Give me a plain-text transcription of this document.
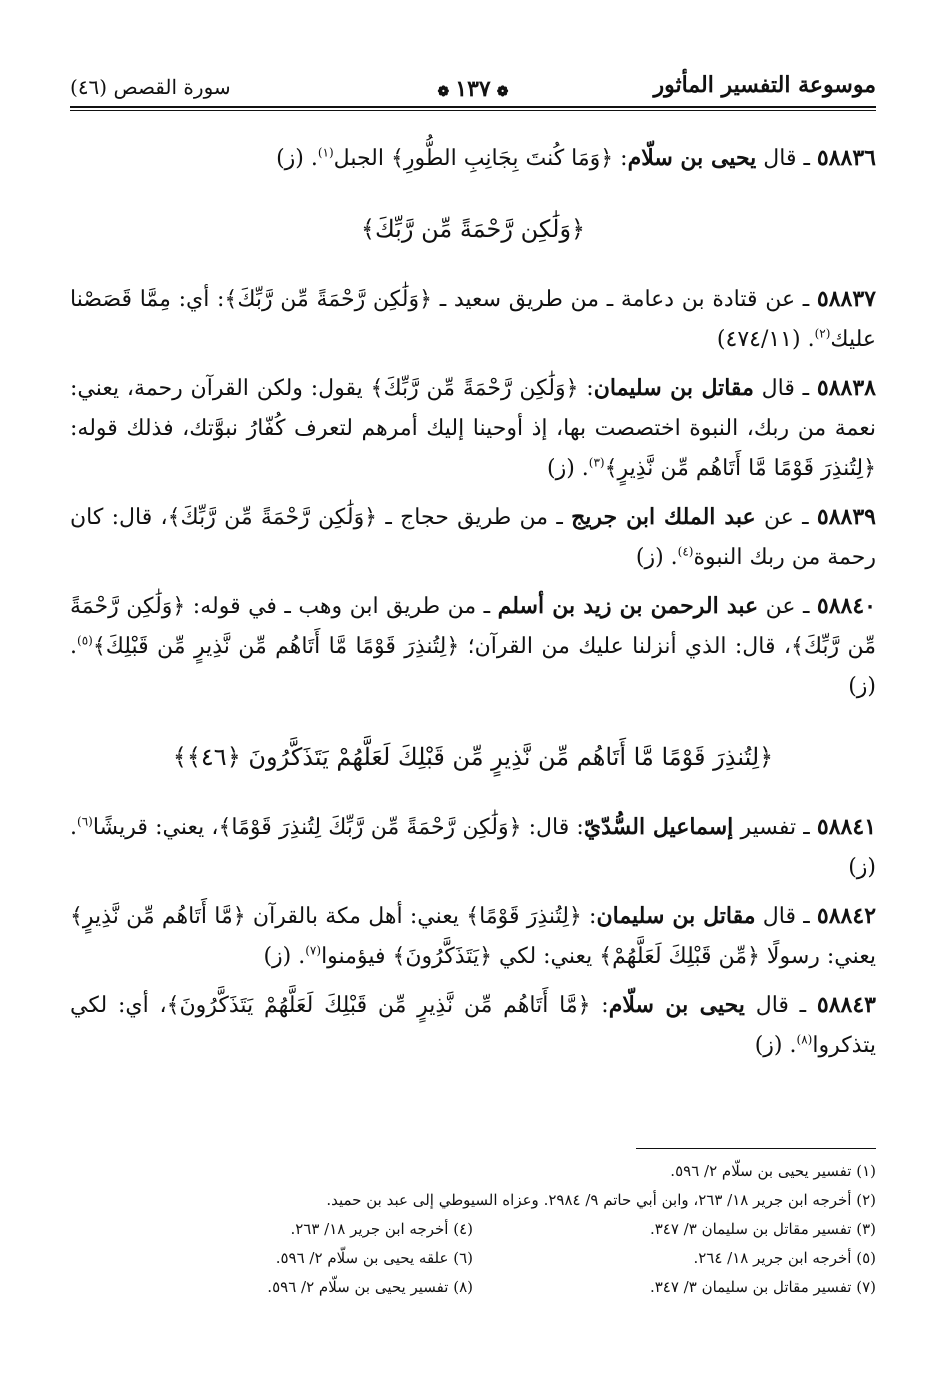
موسوعة التفسير المأثور
❁١٣٧❁
سورة القصص (٤٦)

٥٨٨٣٦ ـ قال يحيى بن سلّام: ﴿وَمَا كُنتَ بِجَانِبِ الطُّورِ﴾ الجبل$^{(١)}$. (ز)

﴿وَلَٰكِن رَّحْمَةً مِّن رَّبِّكَ﴾

٥٨٨٣٧ ـ عن قتادة بن دعامة ـ من طريق سعيد ـ ﴿وَلَٰكِن رَّحْمَةً مِّن رَّبِّكَ﴾: أي: مِمَّا قَصَصْنا عليك$^{(٢)}$. (٤٧٤/١١)

٥٨٨٣٨ ـ قال مقاتل بن سليمان: ﴿وَلَٰكِن رَّحْمَةً مِّن رَّبِّكَ﴾ يقول: ولكن القرآن رحمة، يعني: نعمة من ربك، النبوة اختصصت بها، إذ أوحينا إليك أمرهم لتعرف كُفّارُ نبوَّتك، فذلك قوله: ﴿لِتُنذِرَ قَوْمًا مَّا أَتَاهُم مِّن نَّذِيرٍ﴾$^{(٣)}$. (ز)

٥٨٨٣٩ ـ عن عبد الملك ابن جريج ـ من طريق حجاج ـ ﴿وَلَٰكِن رَّحْمَةً مِّن رَّبِّكَ﴾، قال: كان رحمة من ربك النبوة$^{(٤)}$. (ز)

٥٨٨٤٠ ـ عن عبد الرحمن بن زيد بن أسلم ـ من طريق ابن وهب ـ في قوله: ﴿وَلَٰكِن رَّحْمَةً مِّن رَّبِّكَ﴾، قال: الذي أنزلنا عليك من القرآن؛ ﴿لِتُنذِرَ قَوْمًا مَّا أَتَاهُم مِّن نَّذِيرٍ مِّن قَبْلِكَ﴾$^{(٥)}$. (ز)

﴿لِتُنذِرَ قَوْمًا مَّا أَتَاهُم مِّن نَّذِيرٍ مِّن قَبْلِكَ لَعَلَّهُمْ يَتَذَكَّرُونَ ﴿٤٦﴾﴾

٥٨٨٤١ ـ تفسير إسماعيل السُّدّيّ: قال: ﴿وَلَٰكِن رَّحْمَةً مِّن رَّبِّكَ لِتُنذِرَ قَوْمًا﴾، يعني: قريشًا$^{(٦)}$. (ز)

٥٨٨٤٢ ـ قال مقاتل بن سليمان: ﴿لِتُنذِرَ قَوْمًا﴾ يعني: أهل مكة بالقرآن ﴿مَّا أَتَاهُم مِّن نَّذِيرٍ﴾ يعني: رسولًا ﴿مِّن قَبْلِكَ لَعَلَّهُمْ﴾ يعني: لكي ﴿يَتَذَكَّرُونَ﴾ فيؤمنوا$^{(٧)}$. (ز)

٥٨٨٤٣ ـ قال يحيى بن سلّام: ﴿مَّا أَتَاهُم مِّن نَّذِيرٍ مِّن قَبْلِكَ لَعَلَّهُمْ يَتَذَكَّرُونَ﴾، أي: لكي يتذكروا$^{(٨)}$. (ز)

(١) تفسير يحيى بن سلّام ٢/ ٥٩٦.
(٢) أخرجه ابن جرير ١٨/ ٢٦٣، وابن أبي حاتم ٩/ ٢٩٨٤. وعزاه السيوطي إلى عبد بن حميد.
(٣) تفسير مقاتل بن سليمان ٣/ ٣٤٧.
(٤) أخرجه ابن جرير ١٨/ ٢٦٣.
(٥) أخرجه ابن جرير ١٨/ ٢٦٤.
(٦) علقه يحيى بن سلّام ٢/ ٥٩٦.
(٧) تفسير مقاتل بن سليمان ٣/ ٣٤٧.
(٨) تفسير يحيى بن سلّام ٢/ ٥٩٦.
